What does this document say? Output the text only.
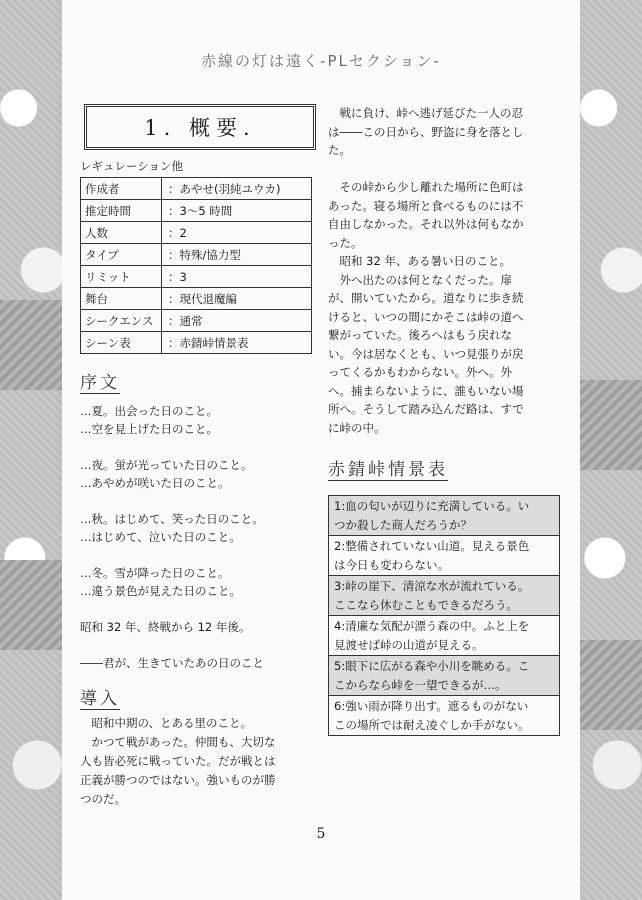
赤線の灯は遠く-PLセクション-
1. 概要.
レギュレーション他
作成者	：あやせ(羽純ユウカ)
推定時間	：3～5 時間
人数	：2
タイプ	：特殊/協力型
リミット	：3
舞台	：現代退魔編
シークエンス	：通常
シーン表	：赤錆峠情景表
序文
…夏。出会った日のこと。
…空を見上げた日のこと。
…夜。蛍が光っていた日のこと。
…あやめが咲いた日のこと。
…秋。はじめて、笑った日のこと。
…はじめて、泣いた日のこと。
…冬。雪が降った日のこと。
…違う景色が見えた日のこと。
昭和 32 年、終戦から 12 年後。
――君が、生きていたあの日のこと
導入
　昭和中期の、とある里のこと。
　かつて戦があった。仲間も、大切な
人も皆必死に戦っていた。だが戦とは
正義が勝つのではない。強いものが勝
つのだ。
　戦に負け、峠へ逃げ延びた一人の忍
は――この日から、野盗に身を落とし
た。
　その峠から少し離れた場所に色町は
あった。寝る場所と食べるものには不
自由しなかった。それ以外は何もなか
った。
　昭和 32 年、ある暑い日のこと。
　外へ出たのは何となくだった。扉
が、開いていたから。道なりに歩き続
けると、いつの間にかそこは峠の道へ
繋がっていた。後ろへはもう戻れな
い。今は居なくとも、いつ見張りが戻
ってくるかもわからない。外へ。外
へ。捕まらないように、誰もいない場
所へ。そうして踏み込んだ路は、すで
に峠の中。
赤錆峠情景表
1:血の匂いが辺りに充満している。い
つか殺した商人だろうか？

2:整備されていない山道。見える景色
は今日も変わらない。

3:峠の崖下、清涼な水が流れている。
ここなら休むこともできるだろう。

4:清廉な気配が漂う森の中。ふと上を
見渡せば峠の山道が見える。

5:眼下に広がる森や小川を眺める。こ
こからなら峠を一望できるが…。

6:強い雨が降り出す。遮るものがない
この場所では耐え凌ぐしか手がない。
5
